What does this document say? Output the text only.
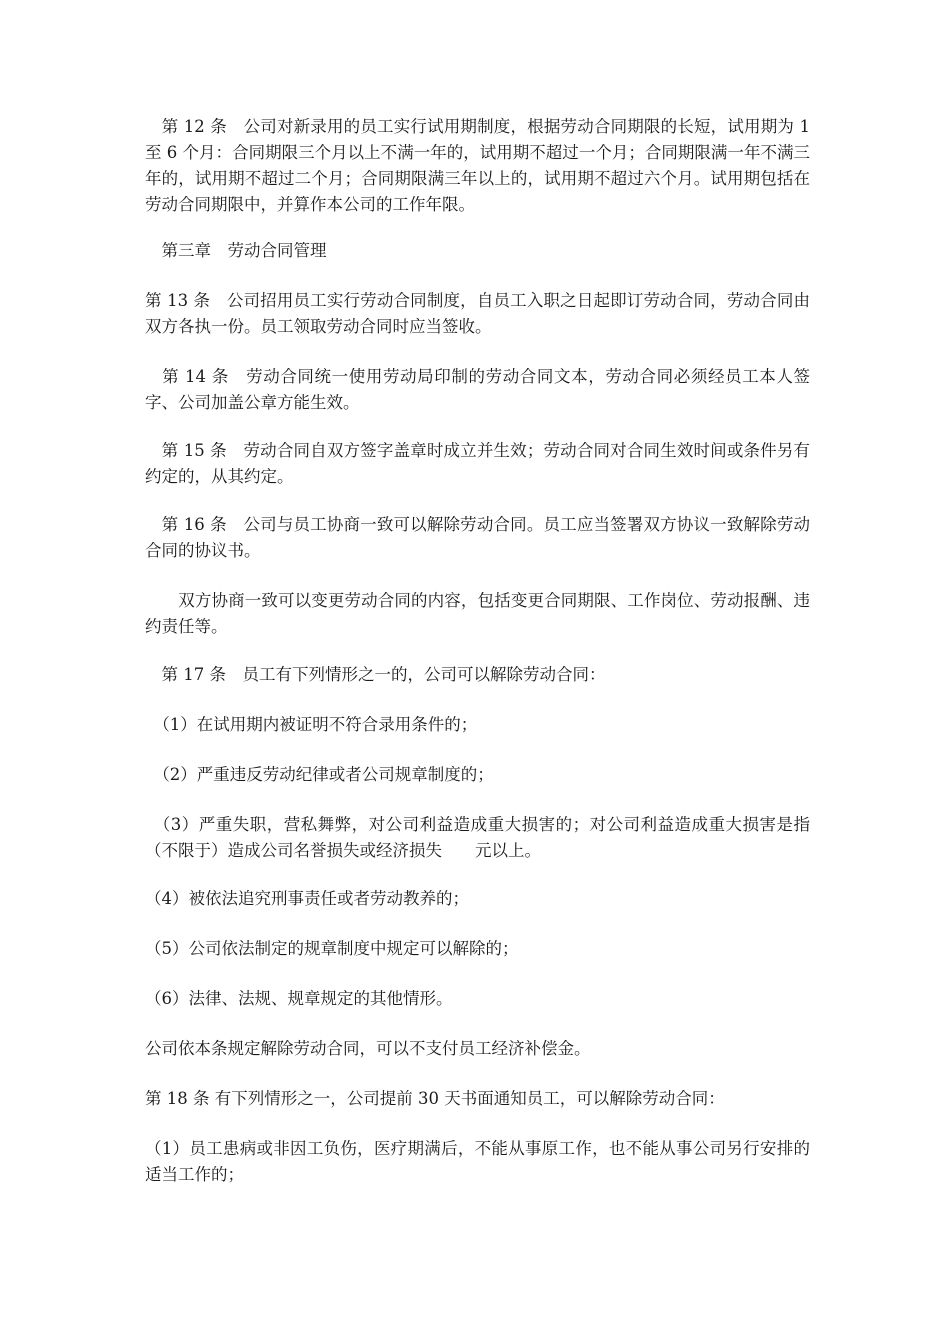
　第 12 条　公司对新录用的员工实行试用期制度，根据劳动合同期限的长短，试用期为 1 至 6 个月：合同期限三个月以上不满一年的，试用期不超过一个月；合同期限满一年不满三年的，试用期不超过二个月；合同期限满三年以上的，试用期不超过六个月。试用期包括在劳动合同期限中，并算作本公司的工作年限。

　第三章　劳动合同管理

第 13 条　公司招用员工实行劳动合同制度，自员工入职之日起即订劳动合同，劳动合同由双方各执一份。员工领取劳动合同时应当签收。

　第 14 条　劳动合同统一使用劳动局印制的劳动合同文本，劳动合同必须经员工本人签字、公司加盖公章方能生效。

　第 15 条　劳动合同自双方签字盖章时成立并生效；劳动合同对合同生效时间或条件另有约定的，从其约定。

　第 16 条　公司与员工协商一致可以解除劳动合同。员工应当签署双方协议一致解除劳动合同的协议书。

　　双方协商一致可以变更劳动合同的内容，包括变更合同期限、工作岗位、劳动报酬、违约责任等。

　第 17 条　员工有下列情形之一的，公司可以解除劳动合同：

　（1）在试用期内被证明不符合录用条件的；

　（2）严重违反劳动纪律或者公司规章制度的；

　（3）严重失职，营私舞弊，对公司利益造成重大损害的；对公司利益造成重大损害是指（不限于）造成公司名誉损失或经济损失　　元以上。

（4）被依法追究刑事责任或者劳动教养的；

（5）公司依法制定的规章制度中规定可以解除的；

（6）法律、法规、规章规定的其他情形。

公司依本条规定解除劳动合同，可以不支付员工经济补偿金。

第 18 条 有下列情形之一，公司提前 30 天书面通知员工，可以解除劳动合同：

（1）员工患病或非因工负伤，医疗期满后，不能从事原工作，也不能从事公司另行安排的适当工作的；
